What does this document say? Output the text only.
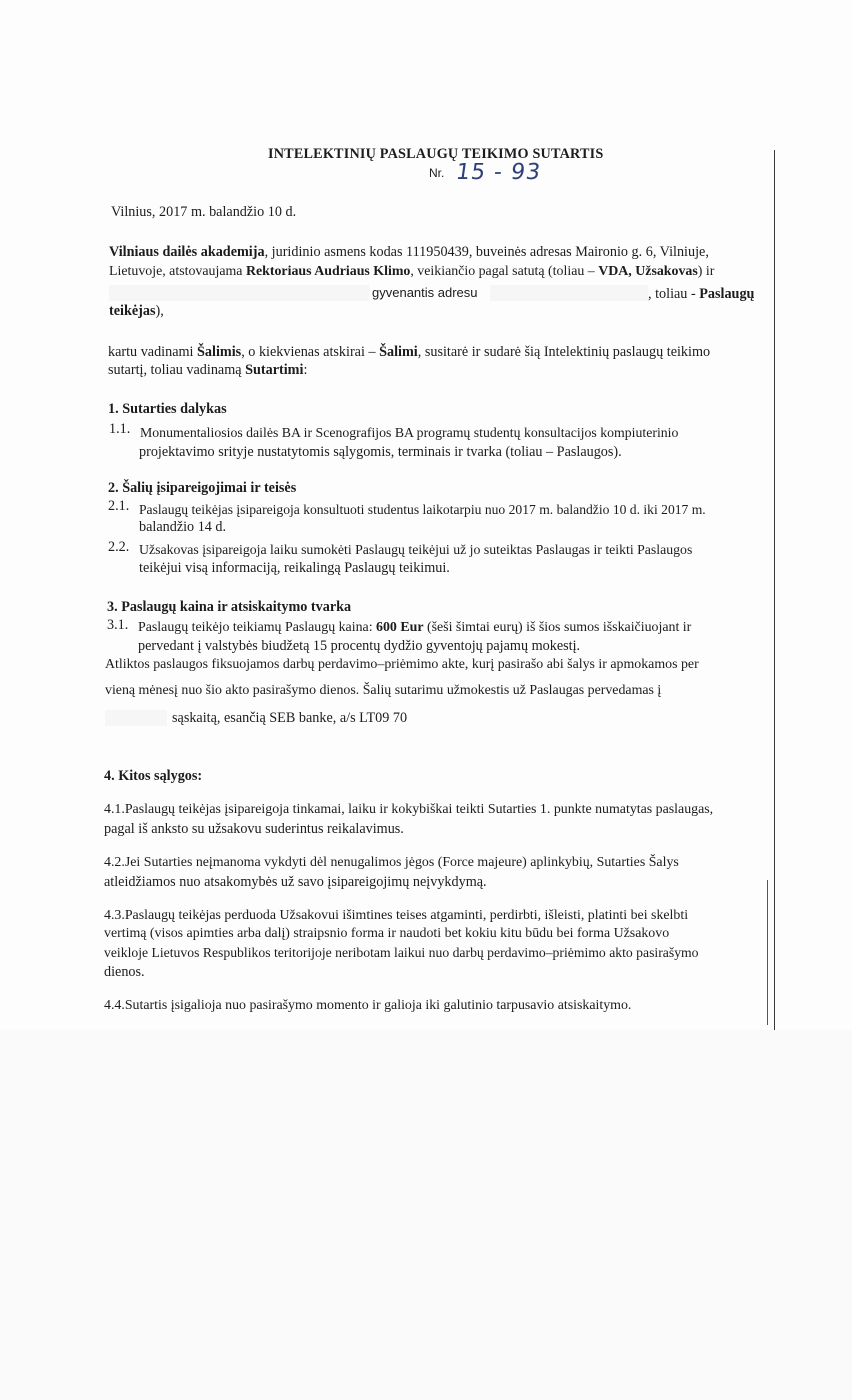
INTELEKTINIŲ PASLAUGŲ TEIKIMO SUTARTIS
Nr. 15 - 93
Vilnius, 2017 m. balandžio 10 d.
Vilniaus dailės akademija, juridinio asmens kodas 111950439, buveinės adresas Maironio g. 6, Vilniuje,
Lietuvoje, atstovaujama Rektoriaus Audriaus Klimo, veikiančio pagal satutą (toliau – VDA, Užsakovas) ir
gyvenantis adresu	, toliau - Paslaugų
teikėjas),
kartu vadinami Šalimis, o kiekvienas atskirai – Šalimi, susitarė ir sudarė šią Intelektinių paslaugų teikimo
sutartį, toliau vadinamą Sutartimi:
1. Sutarties dalykas
1.1. Monumentaliosios dailės BA ir Scenografijos BA programų studentų konsultacijos kompiuterinio
projektavimo srityje nustatytomis sąlygomis, terminais ir tvarka (toliau – Paslaugos).
2. Šalių įsipareigojimai ir teisės
2.1. Paslaugų teikėjas įsipareigoja konsultuoti studentus laikotarpiu nuo 2017 m. balandžio 10 d. iki 2017 m.
balandžio 14 d.
2.2. Užsakovas įsipareigoja laiku sumokėti Paslaugų teikėjui už jo suteiktas Paslaugas ir teikti Paslaugos
teikėjui visą informaciją, reikalingą Paslaugų teikimui.
3. Paslaugų kaina ir atsiskaitymo tvarka
3.1. Paslaugų teikėjo teikiamų Paslaugų kaina: 600 Eur (šeši šimtai eurų) iš šios sumos išskaičiuojant ir
pervedant į valstybės biudžetą 15 procentų dydžio gyventojų pajamų mokestį.
Atliktos paslaugos fiksuojamos darbų perdavimo–priėmimo akte, kurį pasirašo abi šalys ir apmokamos per
vieną mėnesį nuo šio akto pasirašymo dienos. Šalių sutarimu užmokestis už Paslaugas pervedamas į
sąskaitą, esančią SEB banke, a/s LT09 70
4. Kitos sąlygos:
4.1.Paslaugų teikėjas įsipareigoja tinkamai, laiku ir kokybiškai teikti Sutarties 1. punkte numatytas paslaugas,
pagal iš anksto su užsakovu suderintus reikalavimus.
4.2.Jei Sutarties neįmanoma vykdyti dėl nenugalimos jėgos (Force majeure) aplinkybių, Sutarties Šalys
atleidžiamos nuo atsakomybės už savo įsipareigojimų neįvykdymą.
4.3.Paslaugų teikėjas perduoda Užsakovui išimtines teises atgaminti, perdirbti, išleisti, platinti bei skelbti
vertimą (visos apimties arba dalį) straipsnio forma ir naudoti bet kokiu kitu būdu bei forma Užsakovo
veikloje Lietuvos Respublikos teritorijoje neribotam laikui nuo darbų perdavimo–priėmimo akto pasirašymo
dienos.
4.4.Sutartis įsigalioja nuo pasirašymo momento ir galioja iki galutinio tarpusavio atsiskaitymo.
